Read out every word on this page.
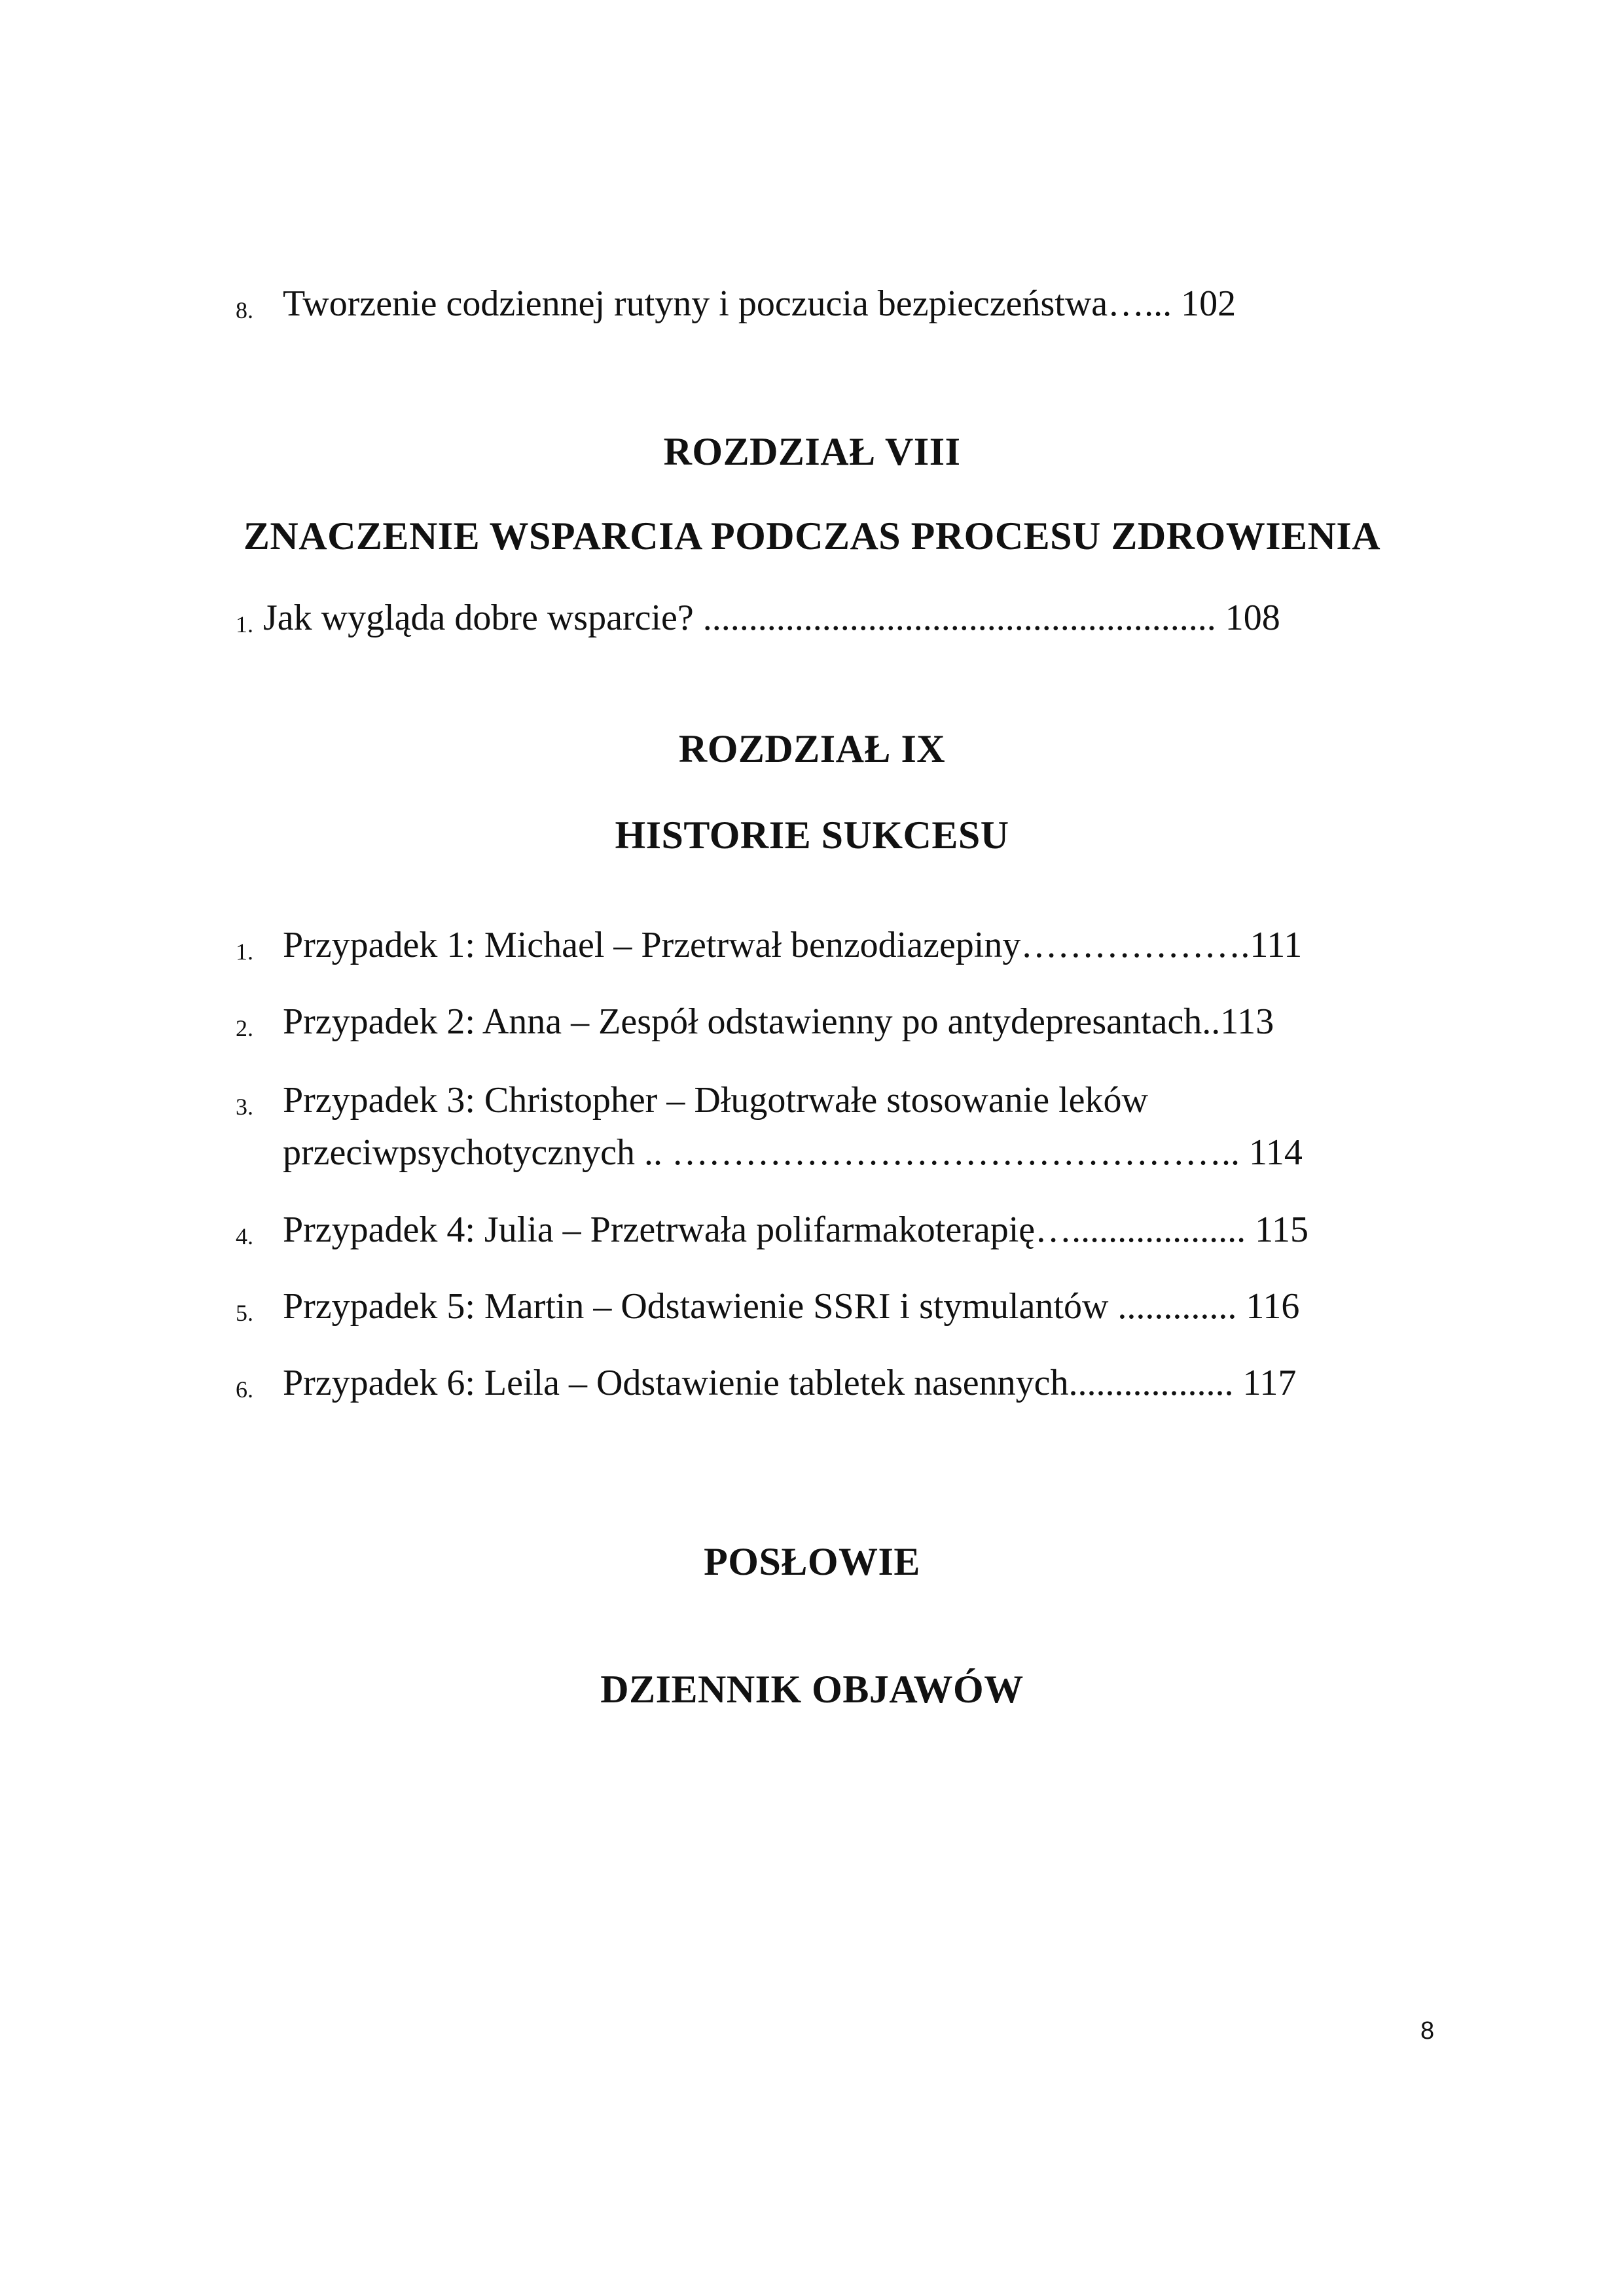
8. Tworzenie codziennej rutyny i poczucia bezpieczeństwa…... 102
ROZDZIAŁ VIII
ZNACZENIE WSPARCIA PODCZAS PROCESU ZDROWIENIA
1. Jak wygląda dobre wsparcie? ........................................................ 108
ROZDZIAŁ IX
HISTORIE SUKCESU
1. Przypadek 1: Michael – Przetrwał benzodiazepiny……………….111
2. Przypadek 2: Anna – Zespół odstawienny po antydepresantach..113
3. Przypadek 3: Christopher – Długotrwałe stosowanie leków
przeciwpsychotycznych .. ……………………………………….. 114
4. Przypadek 4: Julia – Przetrwała polifarmakoterapię…................... 115
5. Przypadek 5: Martin – Odstawienie SSRI i stymulantów ............. 116
6. Przypadek 6: Leila – Odstawienie tabletek nasennych.................. 117
POSŁOWIE
DZIENNIK OBJAWÓW
8
